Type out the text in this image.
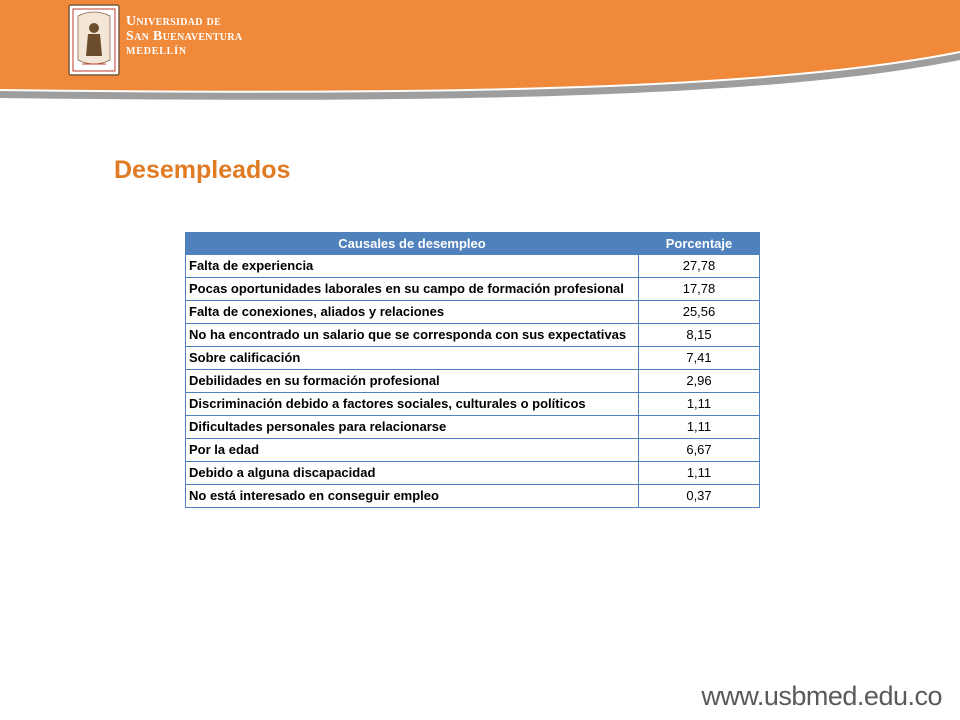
Universidad de
San Buenaventura
MEDELLÍN
Desempleados
Causales de desempleo	Porcentaje
Falta de experiencia	27,78
Pocas oportunidades laborales en su campo de formación profesional	17,78
Falta de conexiones, aliados y relaciones	25,56
No ha encontrado un salario que se corresponda con sus expectativas	8,15
Sobre calificación	7,41
Debilidades en su formación profesional	2,96
Discriminación debido a factores sociales, culturales o políticos	1,11
Dificultades personales para relacionarse	1,11
Por la edad	6,67
Debido a alguna discapacidad	1,11
No está interesado en conseguir empleo	0,37
www.usbmed.edu.co
